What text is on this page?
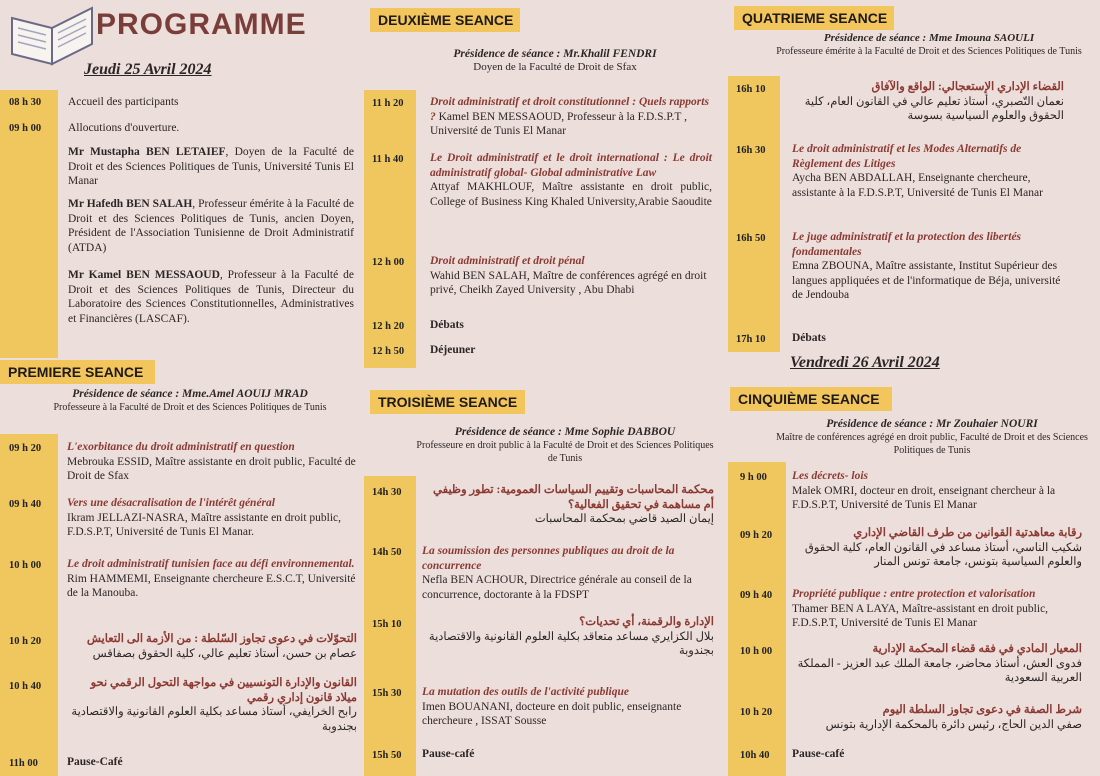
PROGRAMME
Jeudi 25 Avril 2024
08 h 30 Accueil des participants
09 h 00 Allocutions d'ouverture.
Mr Mustapha BEN LETAIEF, Doyen de la Faculté de Droit et des Sciences Politiques de Tunis, Université Tunis El Manar
Mr Hafedh BEN SALAH, Professeur émérite à la Faculté de Droit et des Sciences Politiques de Tunis, ancien Doyen, Président de l'Association Tunisienne de Droit Administratif (ATDA)
Mr Kamel BEN MESSAOUD, Professeur à la Faculté de Droit et des Sciences Politiques de Tunis, Directeur du Laboratoire des Sciences Constitutionnelles, Administratives et Financières (LASCAF).
PREMIERE SEANCE
Présidence de séance : Mme.Amel AOUIJ MRAD
Professeure à la Faculté de Droit et des Sciences Politiques de Tunis
09 h 20 L'exorbitance du droit administratif en question
Mebrouka ESSID, Maître assistante en droit public, Faculté de Droit de Sfax
09 h 40 Vers une désacralisation de l'intérêt général
Ikram JELLAZI-NASRA, Maître assistante en droit public, F.D.S.P.T, Université de Tunis El Manar.
10 h 00 Le droit administratif tunisien face au défi environnemental.
Rim HAMMEMI, Enseignante chercheure E.S.C.T, Université de la Manouba.
10 h 20	التحوّلات في دعوى تجاوز السّلطة : من الأزمة الى التعايش
عصام بن حسن، أستاذ تعليم عالي، كلية الحقوق بصفاقس
10 h 40	القانون والإدارة التونسيين في مواجهة التحول الرقمي نحو ميلاد قانون إداري رقمي
رابح الخرايفي، أستاذ مساعد بكلية العلوم القانونية والاقتصادية بجندوبة
11h 00	Pause-Café
DEUXIÈME SEANCE
Présidence de séance : Mr.Khalil FENDRI
Doyen de la Faculté de Droit de Sfax
11 h 20 Droit administratif et droit constitutionnel : Quels rapports ? Kamel BEN MESSAOUD, Professeur à la F.D.S.P.T , Université de Tunis El Manar
11 h 40 Le Droit administratif et le droit international : Le droit administratif global- Global administrative Law
Attyaf MAKHLOUF, Maître assistante en droit public, College of Business King Khaled University,Arabie Saoudite
12 h 00 Droit administratif et droit pénal
Wahid BEN SALAH, Maître de conférences agrégé en droit privé, Cheikh Zayed University , Abu Dhabi
12 h 20 Débats
12 h 50 Déjeuner
TROISIÈME SEANCE
Présidence de séance : Mme Sophie DABBOU
Professeure en droit public à la Faculté de Droit et des Sciences Politiques de Tunis
14h 30	محكمة المحاسبات وتقييم السياسات العمومية: تطور وظيفي أم مساهمة في تحقيق الفعالية؟
إيمان الصيد قاضي بمحكمة المحاسبات
14h 50 La soumission des personnes publiques au droit de la concurrence
Nefla BEN ACHOUR, Directrice générale au conseil de la concurrence, doctorante à la FDSPT
15h 10	الإدارة والرقمنة، أي تحديات؟
بلال الكزايري مساعد متعاقد بكلية العلوم القانونية والاقتصادية بجندوبة
15h 30 La mutation des outils de l'activité publique
Imen BOUANANI, docteure en doit public, enseignante chercheure , ISSAT Sousse
15h 50 Pause-café
QUATRIEME SEANCE
Présidence de séance : Mme Imouna SAOULI
Professeure émérite à la Faculté de Droit et des Sciences Politiques de Tunis
16h 10	القضاء الإداري الإستعجالي: الواقع والآفاق
نعمان التّصبري، أستاذ تعليم عالي في القانون العام، كلية الحقوق والعلوم السياسية بسوسة
16h 30 Le droit administratif et les Modes Alternatifs de Règlement des Litiges
Aycha BEN ABDALLAH, Enseignante chercheure, assistante à la F.D.S.P.T, Université de Tunis El Manar
16h 50 Le juge administratif et la protection des libertés fondamentales
Emna ZBOUNA, Maître assistante, Institut Supérieur des langues appliquées et de l'informatique de Béja, université de Jendouba
17h 10 Débats
Vendredi 26 Avril 2024
CINQUIÈME SEANCE
Présidence de séance : Mr Zouhaier NOURI
Maître de conférences agrégé en droit public, Faculté de Droit et des Sciences Politiques de Tunis
9 h 00 Les décrets- lois
Malek OMRI, docteur en droit, enseignant chercheur à la F.D.S.P.T, Université de Tunis El Manar
09 h 20	رقابة معاهدتية القوانين من طرف القاضي الإداري
شكيب الناسي، أستاذ مساعد في القانون العام، كلية الحقوق والعلوم السياسية بتونس، جامعة تونس المنار
09 h 40 Propriété publique : entre protection et valorisation
Thamer BEN A LAYA, Maître-assistant en droit public, F.D.S.P.T, Université de Tunis El Manar
10 h 00	المعيار المادي في فقه قضاء المحكمة الإدارية
فدوى العش، أستاذ محاضر، جامعة الملك عبد العزيز - المملكة العربية السعودية
10 h 20	شرط الصفة في دعوى تجاوز السلطة اليوم
صفي الدين الحاج، رئيس دائرة بالمحكمة الإدارية بتونس
10h 40 Pause-café
